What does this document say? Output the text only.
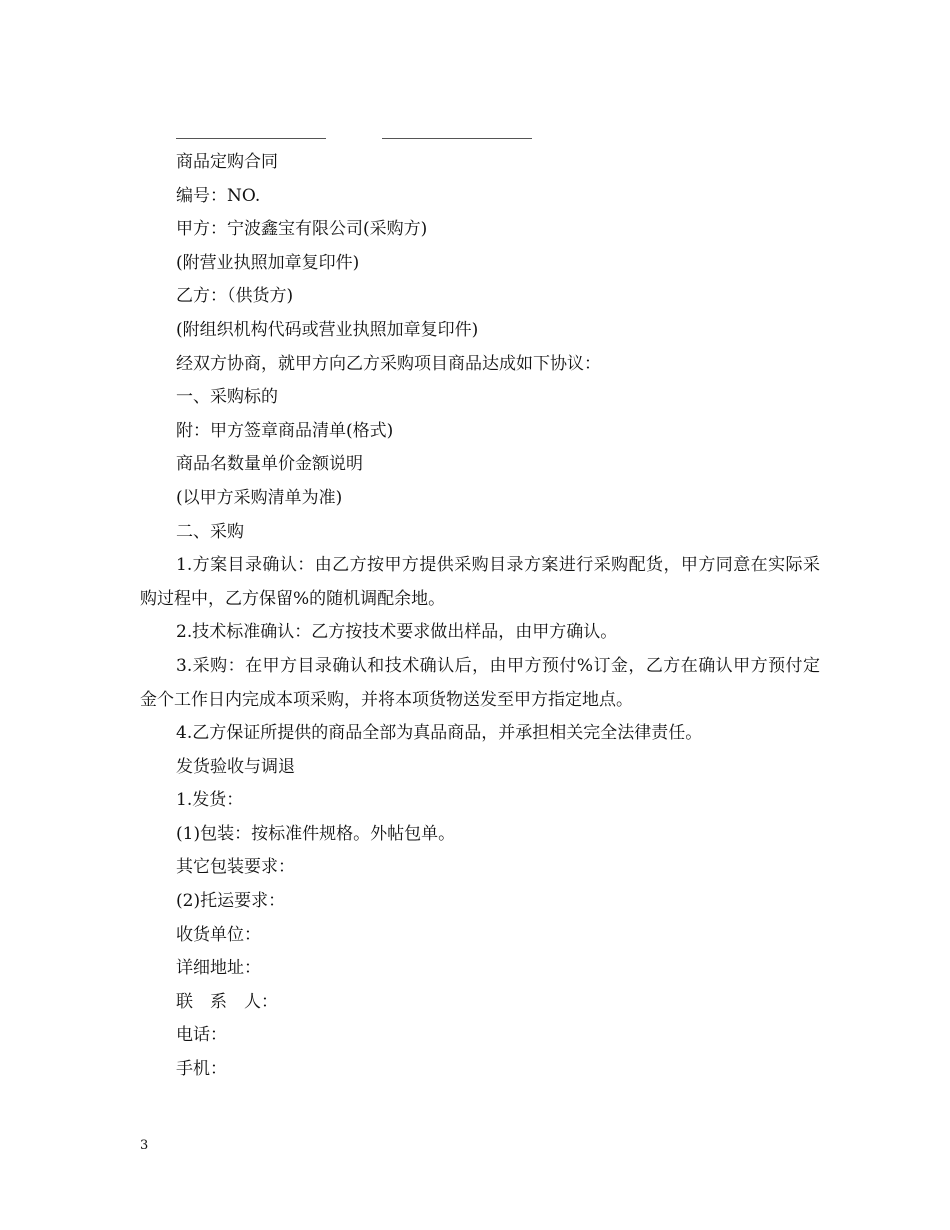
商品定购合同

编号：NO.

甲方：宁波鑫宝有限公司(采购方)

(附营业执照加章复印件)

乙方：（供货方)

(附组织机构代码或营业执照加章复印件)

经双方协商，就甲方向乙方采购项目商品达成如下协议：

一、采购标的

附：甲方签章商品清单(格式)

商品名数量单价金额说明

(以甲方采购清单为准)

二、采购

1.方案目录确认：由乙方按甲方提供采购目录方案进行采购配货，甲方同意在实际采购过程中，乙方保留%的随机调配余地。

2.技术标准确认：乙方按技术要求做出样品，由甲方确认。

3.采购：在甲方目录确认和技术确认后，由甲方预付%订金，乙方在确认甲方预付定金个工作日内完成本项采购，并将本项货物送发至甲方指定地点。

4.乙方保证所提供的商品全部为真品商品，并承担相关完全法律责任。

发货验收与调退

1.发货：

(1)包装：按标准件规格。外帖包单。

其它包装要求：

(2)托运要求：

收货单位：

详细地址：

联　系　人：

电话：

手机：

3
